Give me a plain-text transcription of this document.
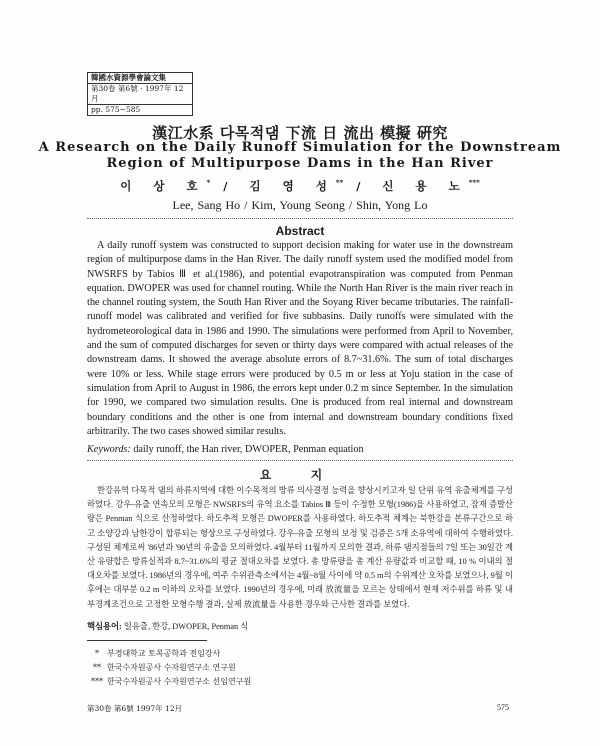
韓國水資源學會論文集
第30卷 第6號 · 1997年 12月
pp. 575~585
漢江水系 다목적댐 下流 日 流出 模擬 硏究
A Research on the Daily Runoff Simulation for the Downstream
Region of Multipurpose Dams in the Han River
이 상 호* / 김 영 성** / 신 용 노***
Lee, Sang Ho / Kim, Young Seong / Shin, Yong Lo
Abstract

A daily runoff system was constructed to support decision making for water use in the downstream region of multipurpose dams in the Han River. The daily runoff system used the modified model from NWSRFS by Tabios Ⅲ et al.(1986), and potential evapotranspiration was computed from Penman equation. DWOPER was used for channel routing. While the North Han River is the main river reach in the channel routing system, the South Han River and the Soyang River became tributaries. The rainfall-runoff model was calibrated and verified for five subbasins. Daily runoffs were simulated with the hydrometeorological data in 1986 and 1990. The simulations were performed from April to November, and the sum of computed discharges for seven or thirty days were compared with actual releases of the downstream dams. It showed the average absolute errors of 8.7~31.6%. The sum of total discharges were 10% or less. While stage errors were produced by 0.5 m or less at Yoju station in the case of simulation from April to August in 1986, the errors kept under 0.2 m since September. In the simulation for 1990, we compared two simulation results. One is produced from real internal and downstream boundary conditions and the other is one from internal and downstream boundary conditions fixed arbitrarily. The two cases showed similar results.

Keywords: daily runoff, the Han river, DWOPER, Penman equation

요 지

한강유역 다목적 댐의 하류지역에 대한 이수목적의 방류 의사결정 능력을 향상시키고자 일 단위 유역 유출체계를 구성하였다. 강우-유출 연속모의 모형은 NWSRFS의 유역 요소를 Tabios Ⅲ 등이 수정한 모형(1986)을 사용하였고, 잠재 증발산량은 Penman 식으로 산정하였다. 하도추적 모형은 DWOPER를 사용하였다. 하도추적 체계는 북한강을 본류구간으로 하고 소양강과 남한강이 합류되는 형상으로 구성하였다. 강우-유출 모형의 보정 및 검증은 5개 소유역에 대하여 수행하였다. 구성된 체계로써 '86년과 '90년의 유출을 모의하였다. 4월부터 11월까지 모의한 결과, 하류 댐지점들의 7일 또는 30일간 계산 유량합은 방류실적과 8.7~31.6%의 평균 절대오차를 보였다. 총 방류량을 총 계산 유량값과 비교할 때, 10 % 이내의 절대오차를 보였다. 1986년의 경우에, 여주 수위관측소에서는 4월~8월 사이에 약 0.5 m의 수위계산 오차를 보였으나, 9월 이후에는 대부분 0.2 m 이하의 오차를 보였다. 1990년의 경우에, 미래 放流量을 모르는 상태에서 현재 저수위를 하류 및 내부경계조건으로 고정한 모형수행 결과, 실제 放流量을 사용한 경우와 근사한 결과를 보였다.

핵심용어: 일유출, 한강, DWOPER, Penman 식

* 부경대학교 토목공학과 전임강사
** 한국수자원공사 수자원연구소 연구원
*** 한국수자원공사 수자원연구소 선임연구원
第30卷 第6號 1997年 12月	575
